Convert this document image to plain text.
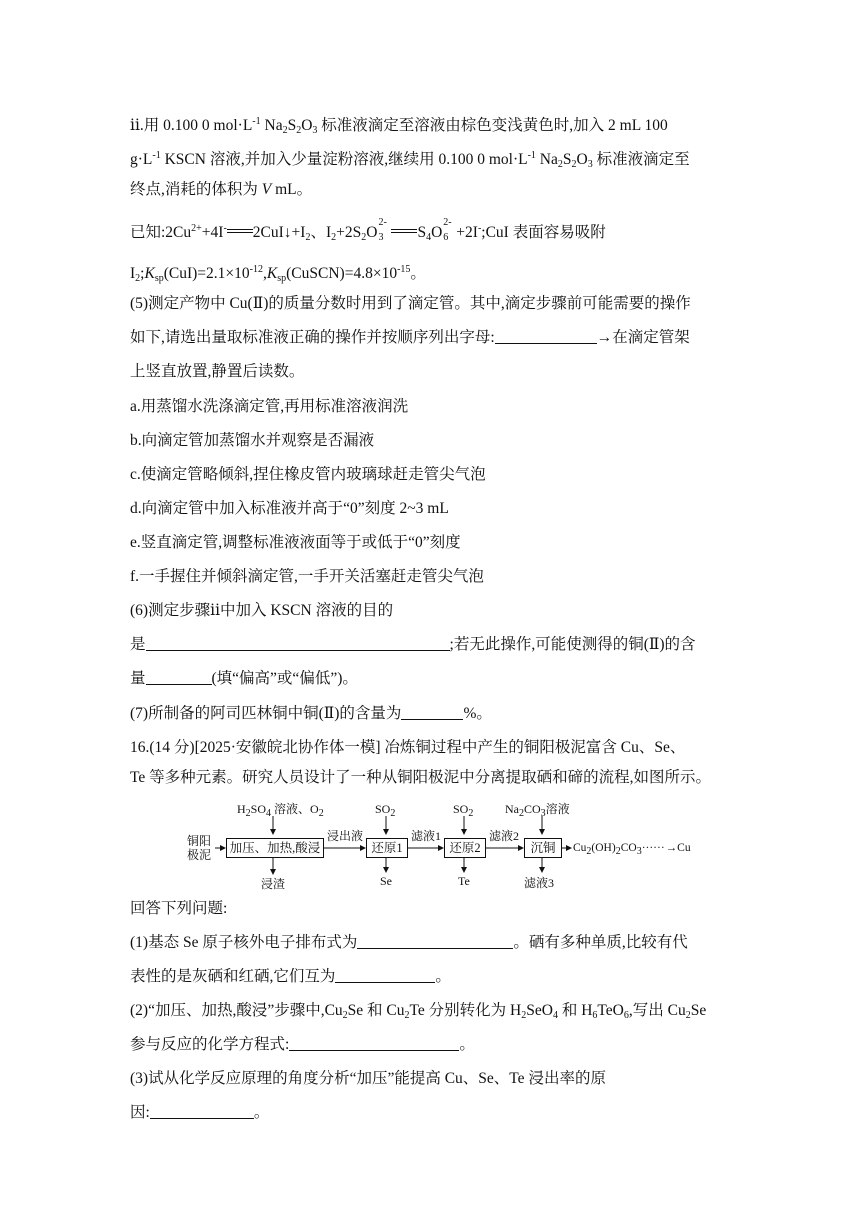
ⅱ.用 0.100 0 $mol\cdot L^{-1}$ $Na_2S_2O_3$ 标准液滴定至溶液由棕色变浅黄色时,加入 2 mL 100
$g\cdot L^{-1}$ KSCN 溶液,并加入少量淀粉溶液,继续用 0.100 0 $mol\cdot L^{-1}$ $Na_2S_2O_3$ 标准液滴定至
终点,消耗的体积为 V mL。
已知$:2Cu^{2+}+4I^-$ $2CuI↓+I_2$、$I_2+2S_2O$
2-
3 $S_4O$
2-
6 +2I-;CuI 表面容易吸附
$I_2;K_{sp}(CuI)=2.1\times 10^{-12},K_{sp}(CuSCN)=4.8\times 10^{-15}$。
(5)测定产物中 Cu(Ⅱ)的质量分数时用到了滴定管。其中,滴定步骤前可能需要的操作
如下,请选出量取标准液正确的操作并按顺序列出字母:	→在滴定管架
上竖直放置,静置后读数。
a.用蒸馏水洗涤滴定管,再用标准溶液润洗
b.向滴定管加蒸馏水并观察是否漏液
c.使滴定管略倾斜,捏住橡皮管内玻璃球赶走管尖气泡
d.向滴定管中加入标准液并高于“0”刻度 2~3 mL
e.竖直滴定管,调整标准液液面等于或低于“0”刻度
f.一手握住并倾斜滴定管,一手开关活塞赶走管尖气泡
(6)测定步骤ⅱ中加入 KSCN 溶液的目的
是	;若无此操作,可能使测得的铜(Ⅱ)的含
量	(填“偏高”或“偏低”)。
(7)所制备的阿司匹林铜中铜(Ⅱ)的含量为	%。
16.(14 分)[2025·安徽皖北协作体一模] 冶炼铜过程中产生的铜阳极泥富含 Cu、Se、
Te 等多种元素。研究人员设计了一种从铜阳极泥中分离提取硒和碲的流程,如图所示。
$H_2SO_4$ 溶液、$O_2$
铜阳
极泥 加压、加热,酸浸
浸渣
浸出液
$SO_2$
还原1
Se
滤液1
$SO_2$
还原2
Te
滤液2
$Na_2CO_3$溶液
沉铜
滤液3
Cu2(OH)2CO3······→Cu
回答下列问题:
(1)基态 Se 原子核外电子排布式为	。硒有多种单质,比较有代
表性的是灰硒和红硒,它们互为	。
(2)“加压、加热,酸浸”步骤中$,Cu_2Se$ 和 $Cu_2Te$ 分别转化为 $H_2SeO_4$ 和 $H_6TeO_6$,写出 $Cu_2Se$
参与反应的化学方程式:	。
(3)试从化学反应原理的角度分析“加压”能提高 Cu、Se、Te 浸出率的原
因:	。
